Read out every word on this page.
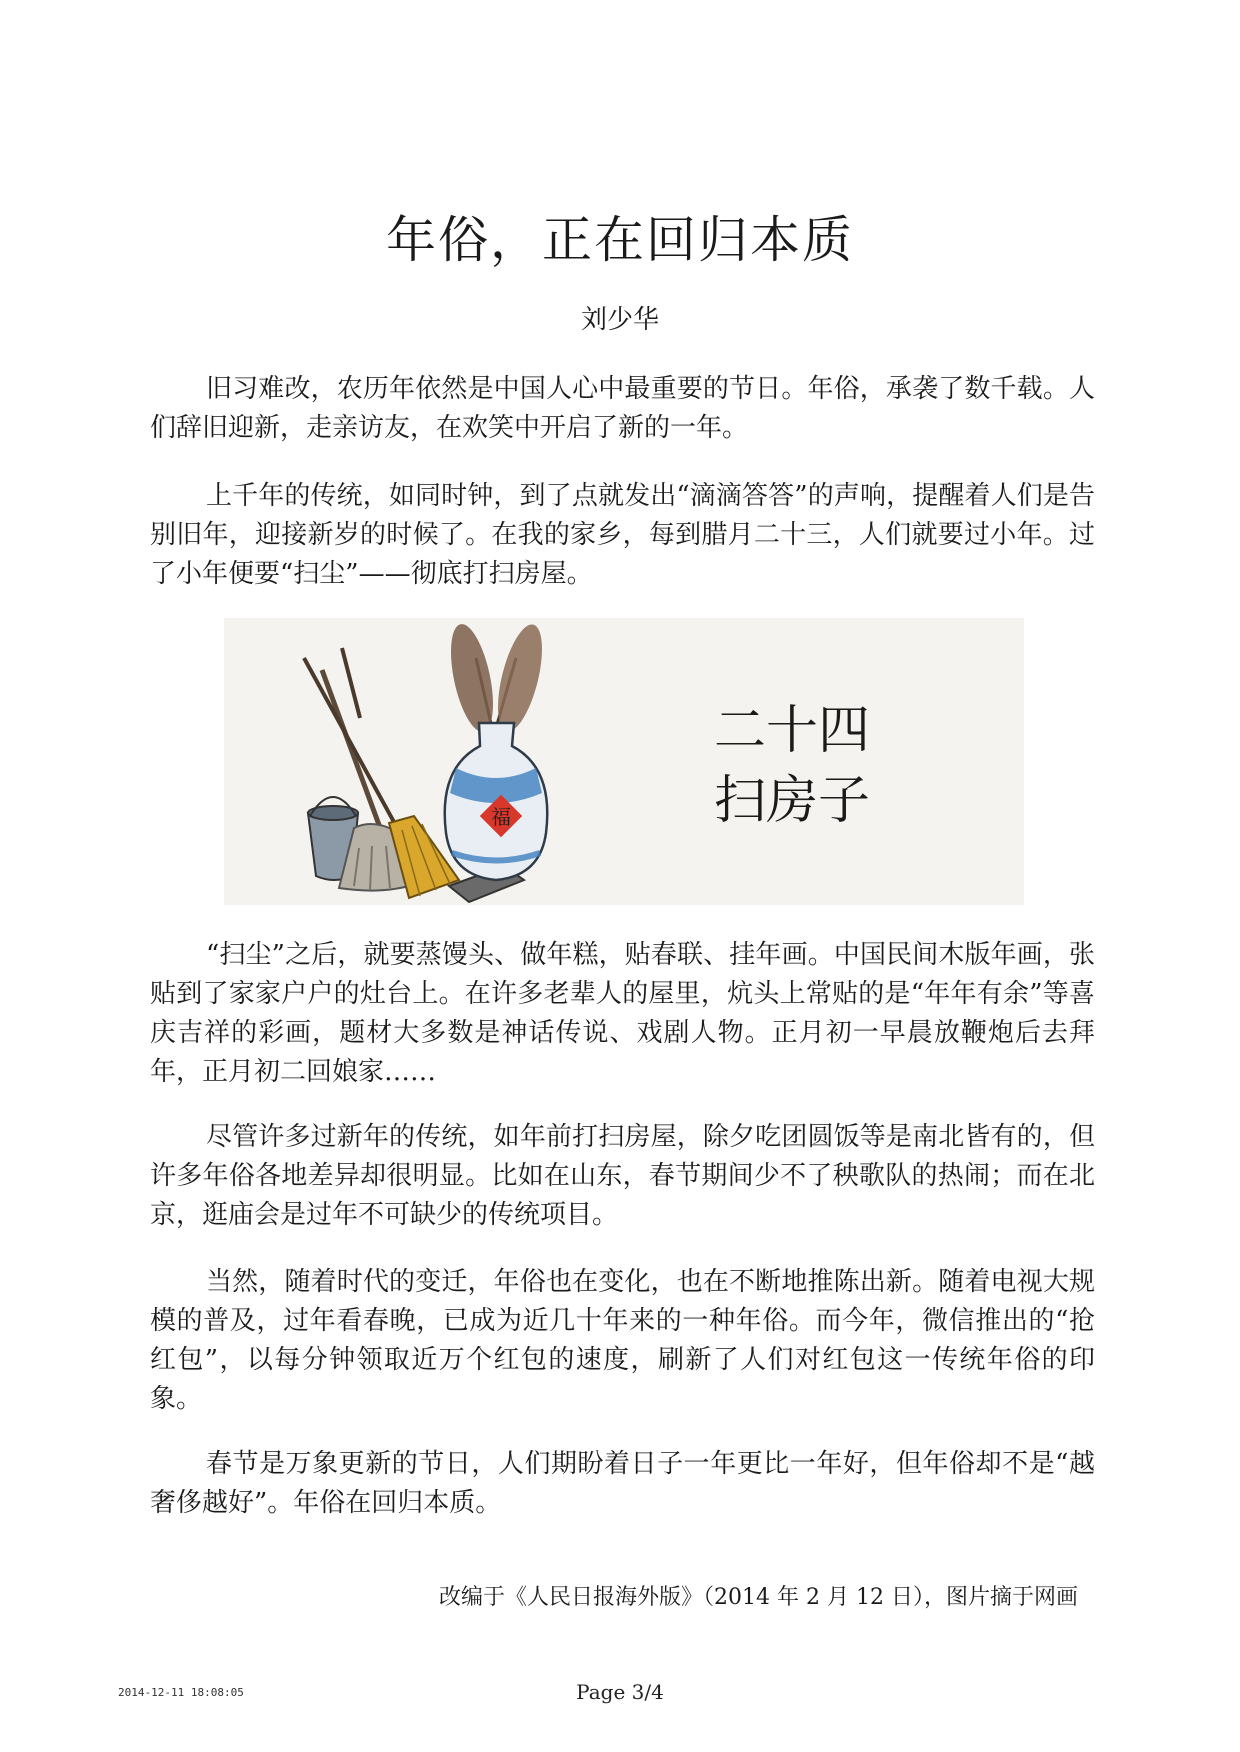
年俗，正在回归本质
刘少华

旧习难改，农历年依然是中国人心中最重要的节日。年俗，承袭了数千载。人们辞旧迎新，走亲访友，在欢笑中开启了新的一年。

上千年的传统，如同时钟，到了点就发出“滴滴答答”的声响，提醒着人们是告别旧年，迎接新岁的时候了。在我的家乡，每到腊月二十三，人们就要过小年。过了小年便要“扫尘”——彻底打扫房屋。

福
二十四
扫房子

“扫尘”之后，就要蒸馒头、做年糕，贴春联、挂年画。中国民间木版年画，张贴到了家家户户的灶台上。在许多老辈人的屋里，炕头上常贴的是“年年有余”等喜庆吉祥的彩画，题材大多数是神话传说、戏剧人物。正月初一早晨放鞭炮后去拜年，正月初二回娘家……

尽管许多过新年的传统，如年前打扫房屋，除夕吃团圆饭等是南北皆有的，但许多年俗各地差异却很明显。比如在山东，春节期间少不了秧歌队的热闹；而在北京，逛庙会是过年不可缺少的传统项目。

当然，随着时代的变迁，年俗也在变化，也在不断地推陈出新。随着电视大规模的普及，过年看春晚，已成为近几十年来的一种年俗。而今年，微信推出的“抢红包”，以每分钟领取近万个红包的速度，刷新了人们对红包这一传统年俗的印象。

春节是万象更新的节日，人们期盼着日子一年更比一年好，但年俗却不是“越奢侈越好”。年俗在回归本质。

改编于《人民日报海外版》（2014 年 2 月 12 日），图片摘于网画
2014-12-11 18:08:05	Page 3/4
